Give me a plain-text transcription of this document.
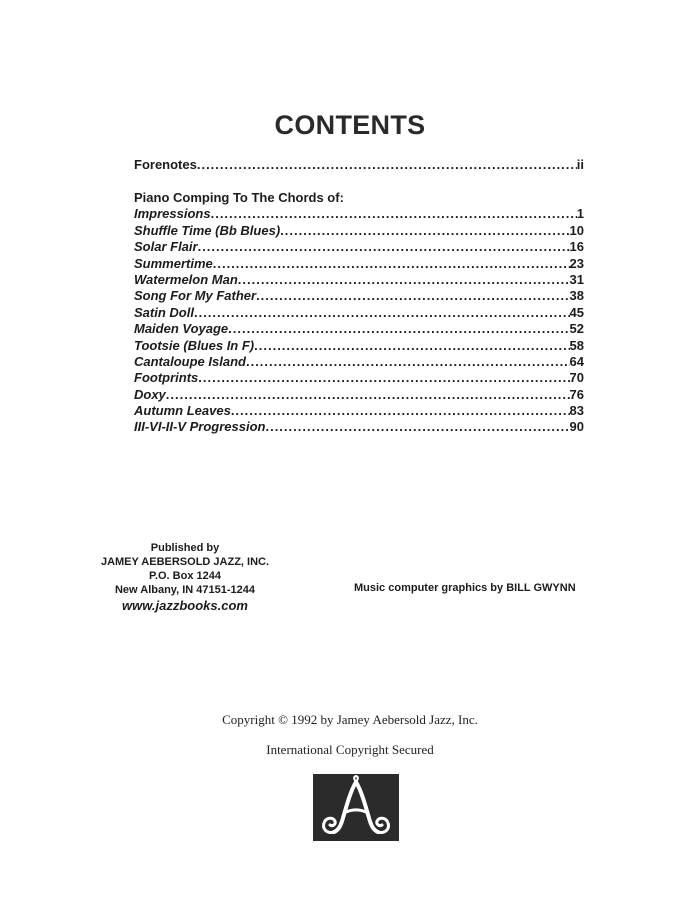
CONTENTS
Forenotes .....	ii
Piano Comping To The Chords of:
Impressions .....	1
Shuffle Time (Bb Blues) .....	10
Solar Flair .....	16
Summertime .....	23
Watermelon Man .....	31
Song For My Father .....	38
Satin Doll .....	45
Maiden Voyage .....	52
Tootsie (Blues In F) .....	58
Cantaloupe Island .....	64
Footprints .....	70
Doxy .....	76
Autumn Leaves .....	83
III-VI-II-V Progression .....	90
Published by
JAMEY AEBERSOLD JAZZ, INC.
P.O. Box 1244
New Albany, IN 47151-1244
www.jazzbooks.com
Music computer graphics by BILL GWYNN
Copyright © 1992 by Jamey Aebersold Jazz, Inc.
International Copyright Secured
